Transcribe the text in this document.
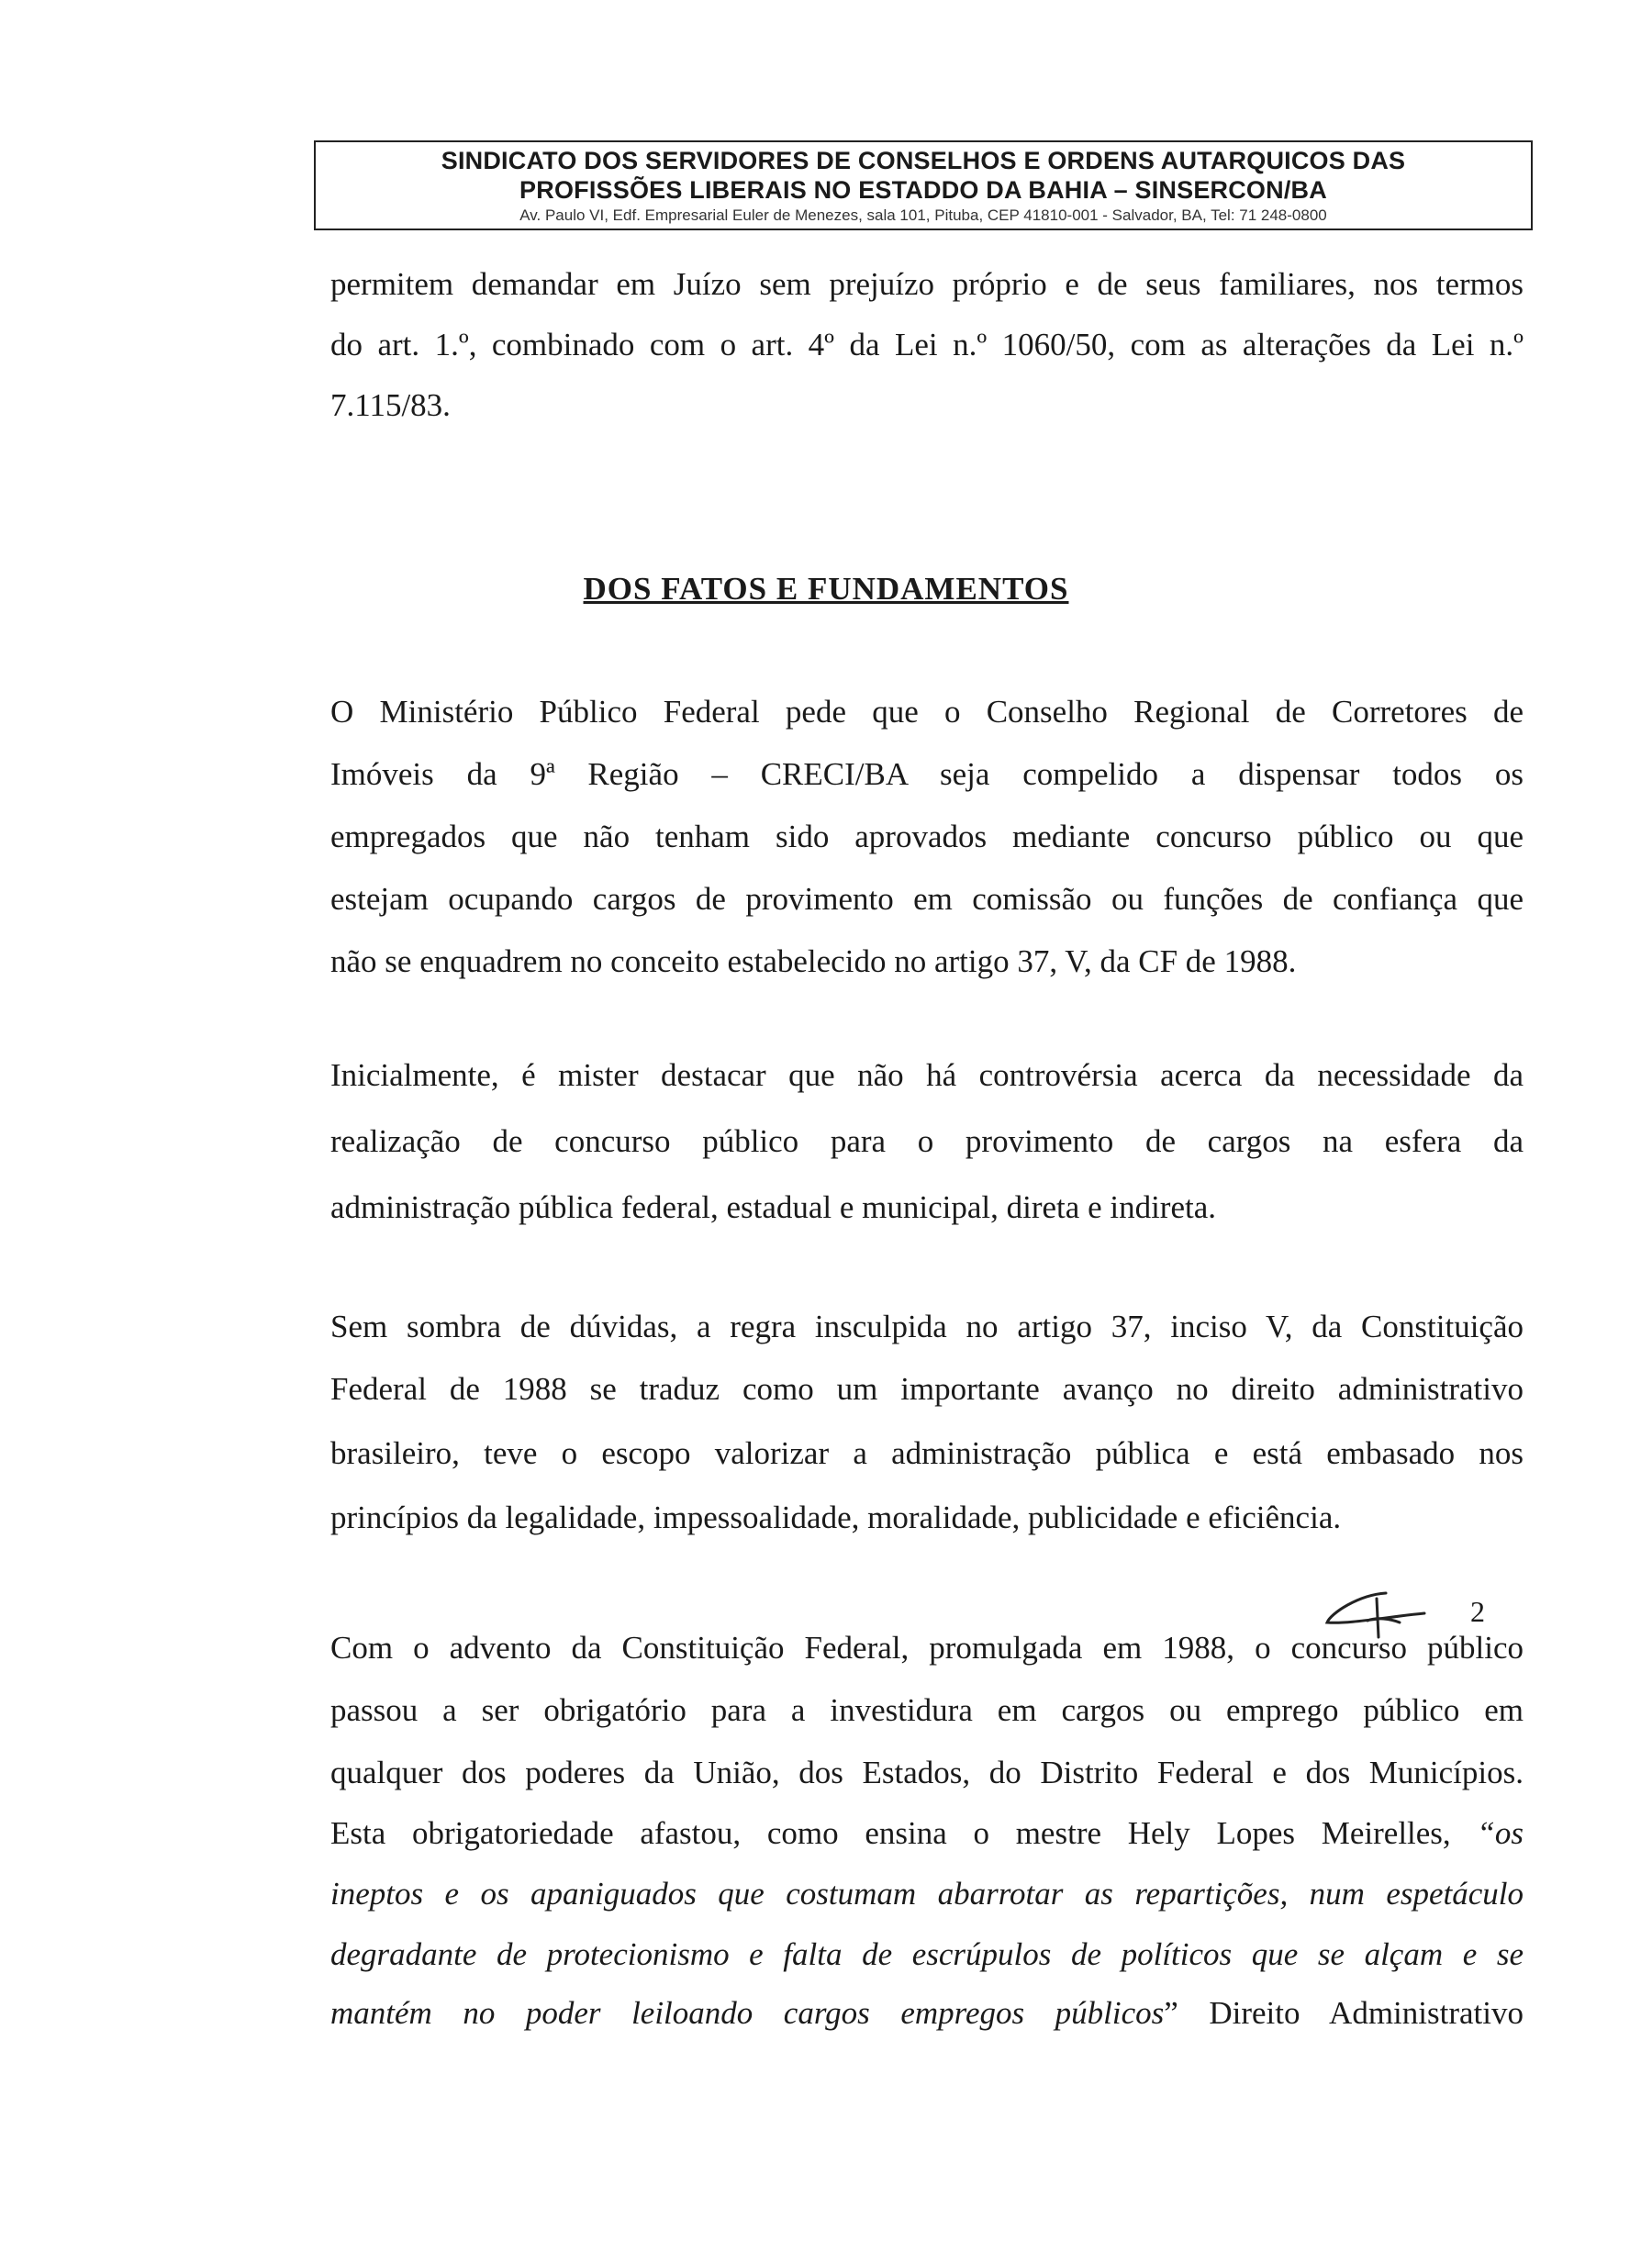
SINDICATO DOS SERVIDORES DE CONSELHOS E ORDENS AUTARQUICOS DAS
PROFISSÕES LIBERAIS NO ESTADDO DA BAHIA – SINSERCON/BA
Av. Paulo VI, Edf. Empresarial Euler de Menezes, sala 101, Pituba, CEP 41810-001 - Salvador, BA, Tel: 71 248-0800
permitem demandar em Juízo sem prejuízo próprio e de seus familiares, nos termos
do art. 1.º, combinado com o art. 4º da Lei n.º 1060/50, com as alterações da Lei n.º
7.115/83.
DOS FATOS E FUNDAMENTOS
O Ministério Público Federal pede que o Conselho Regional de Corretores de
Imóveis da 9ª Região – CRECI/BA seja compelido a dispensar todos os
empregados que não tenham sido aprovados mediante concurso público ou que
estejam ocupando cargos de provimento em comissão ou funções de confiança que
não se enquadrem no conceito estabelecido no artigo 37, V, da CF de 1988.
Inicialmente, é mister destacar que não há controvérsia acerca da necessidade da
realização de concurso público para o provimento de cargos na esfera da
administração pública federal, estadual e municipal, direta e indireta.
Sem sombra de dúvidas, a regra insculpida no artigo 37, inciso V, da Constituição
Federal de 1988 se traduz como um importante avanço no direito administrativo
brasileiro, teve o escopo valorizar a administração pública e está embasado nos
princípios da legalidade, impessoalidade, moralidade, publicidade e eficiência.
Com o advento da Constituição Federal, promulgada em 1988, o concurso público
passou a ser obrigatório para a investidura em cargos ou emprego público em
qualquer dos poderes da União, dos Estados, do Distrito Federal e dos Municípios.
Esta obrigatoriedade afastou, como ensina o mestre Hely Lopes Meirelles, “os
ineptos e os apaniguados que costumam abarrotar as repartições, num espetáculo
degradante de protecionismo e falta de escrúpulos de políticos que se alçam e se
mantém no poder leiloando cargos empregos públicos” Direito Administrativo
2
